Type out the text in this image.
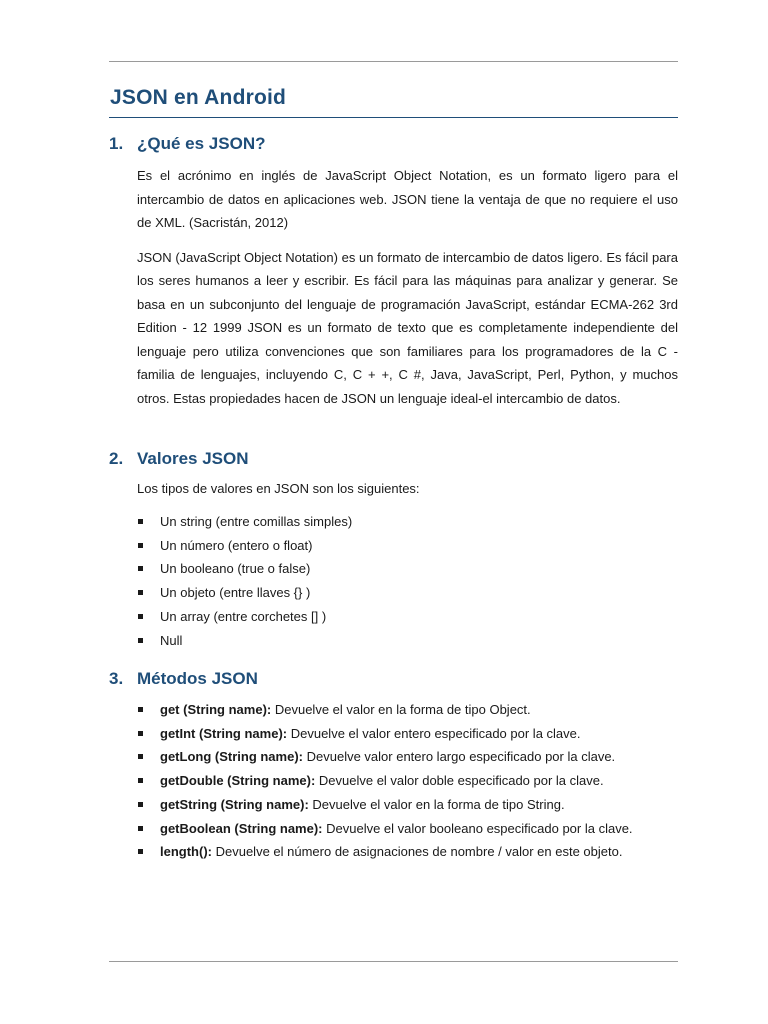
JSON en Android
1. ¿Qué es JSON?

Es el acrónimo en inglés de JavaScript Object Notation, es un formato ligero para el intercambio de datos en aplicaciones web. JSON tiene la ventaja de que no requiere el uso de XML. (Sacristán, 2012)

JSON (JavaScript Object Notation) es un formato de intercambio de datos ligero. Es fácil para los seres humanos a leer y escribir. Es fácil para las máquinas para analizar y generar. Se basa en un subconjunto del lenguaje de programación JavaScript, estándar ECMA-262 3rd Edition - 12 1999 JSON es un formato de texto que es completamente independiente del lenguaje pero utiliza convenciones que son familiares para los programadores de la C - familia de lenguajes, incluyendo C, C + +, C #, Java, JavaScript, Perl, Python, y muchos otros. Estas propiedades hacen de JSON un lenguaje ideal-el intercambio de datos.

2. Valores JSON

Los tipos de valores en JSON son los siguientes:

Un string (entre comillas simples)
Un número (entero o float)
Un booleano (true o false)
Un objeto (entre llaves {} )
Un array (entre corchetes [] )
Null
3. Métodos JSON
get (String name): Devuelve el valor en la forma de tipo Object.
getInt (String name): Devuelve el valor entero especificado por la clave.
getLong (String name): Devuelve valor entero largo especificado por la clave.
getDouble (String name): Devuelve el valor doble especificado por la clave.
getString (String name): Devuelve el valor en la forma de tipo String.
getBoolean (String name): Devuelve el valor booleano especificado por la clave.
length(): Devuelve el número de asignaciones de nombre / valor en este objeto.
